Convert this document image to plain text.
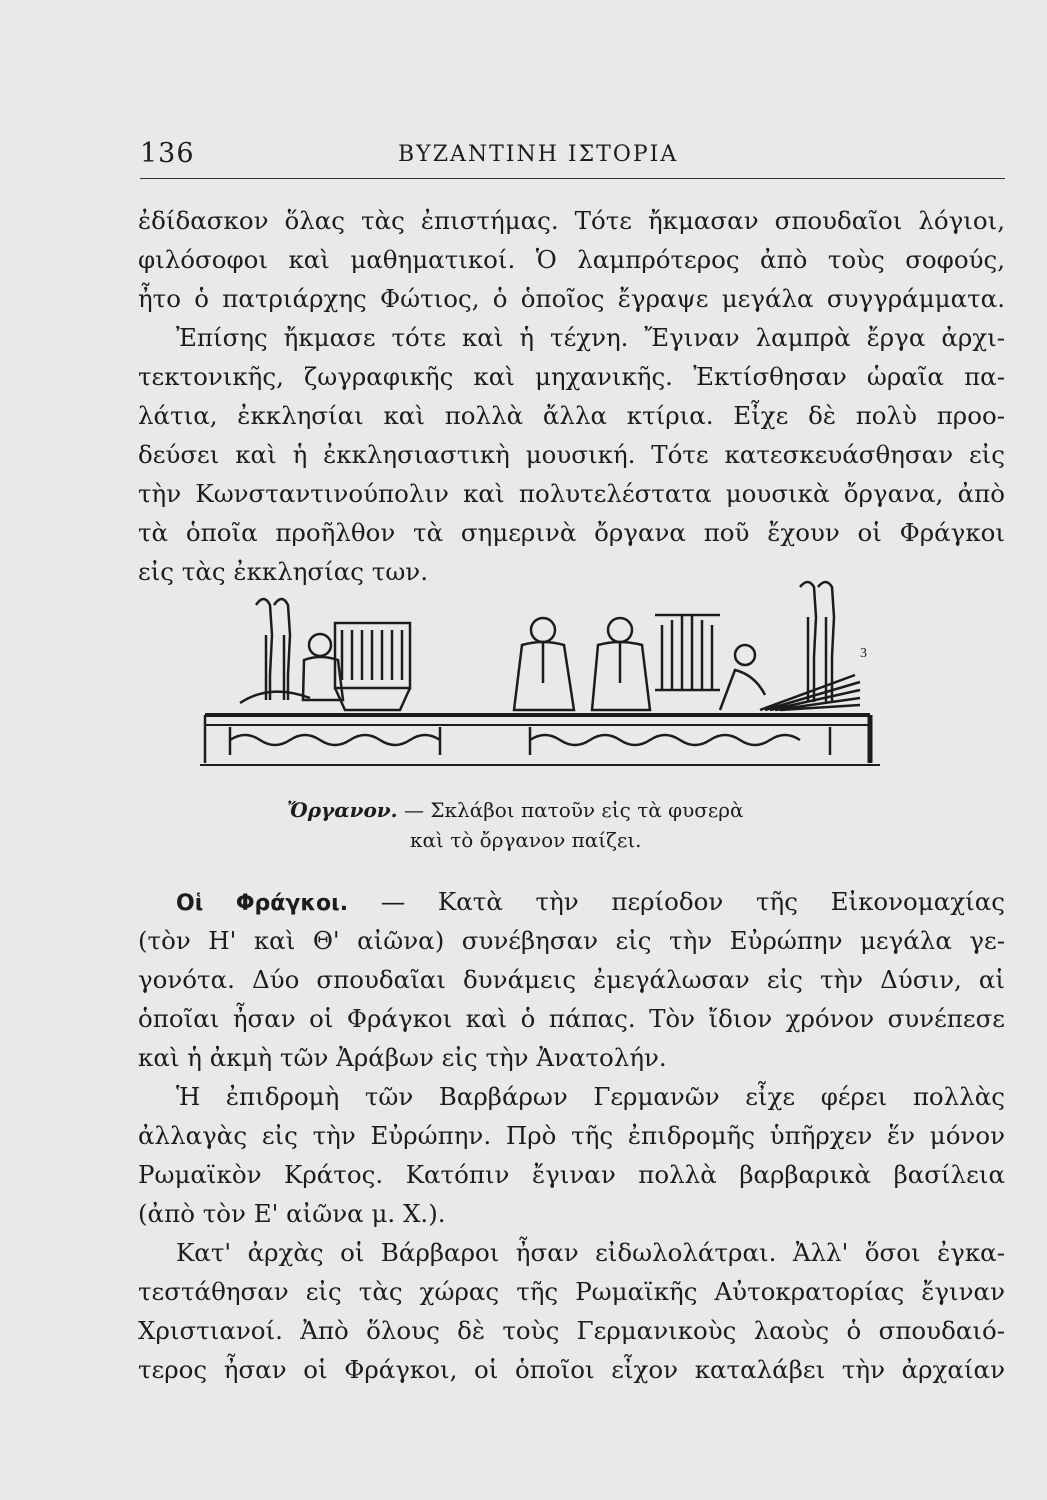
136	ΒΥΖΑΝΤΙΝΗ ΙΣΤΟΡΙΑ
ἐδίδασκον ὅλας τὰς ἐπιστήμας. Τότε ἤκμασαν σπουδαῖοι λόγιοι,
φιλόσοφοι καὶ μαθηματικοί. Ὁ λαμπρότερος ἀπὸ τοὺς σοφούς,
ἦτο ὁ πατριάρχης Φώτιος, ὁ ὁποῖος ἔγραψε μεγάλα συγγράμματα.
Ἐπίσης ἤκμασε τότε καὶ ἡ τέχνη. Ἔγιναν λαμπρὰ ἔργα ἀρχι-
τεκτονικῆς, ζωγραφικῆς καὶ μηχανικῆς. Ἐκτίσθησαν ὡραῖα πα-
λάτια, ἐκκλησίαι καὶ πολλὰ ἄλλα κτίρια. Εἶχε δὲ πολὺ προο-
δεύσει καὶ ἡ ἐκκλησιαστικὴ μουσική. Τότε κατεσκευάσθησαν εἰς
τὴν Κωνσταντινούπολιν καὶ πολυτελέστατα μουσικὰ ὄργανα, ἀπὸ
τὰ ὁποῖα προῆλθον τὰ σημερινὰ ὄργανα ποῦ ἔχουν οἱ Φράγκοι
εἰς τὰς ἐκκλησίας των.
3
Ὄργανον. — Σκλάβοι πατοῦν εἰς τὰ φυσερὰ
καὶ τὸ ὄργανον παίζει.
Οἱ Φράγκοι. — Κατὰ τὴν περίοδον τῆς Εἰκονομαχίας
(τὸν Η' καὶ Θ' αἰῶνα) συνέβησαν εἰς τὴν Εὐρώπην μεγάλα γε-
γονότα. Δύο σπουδαῖαι δυνάμεις ἐμεγάλωσαν εἰς τὴν Δύσιν, αἱ
ὁποῖαι ἦσαν οἱ Φράγκοι καὶ ὁ πάπας. Τὸν ἴδιον χρόνον συνέπεσε
καὶ ἡ ἀκμὴ τῶν Ἀράβων εἰς τὴν Ἀνατολήν.
Ἡ ἐπιδρομὴ τῶν Βαρβάρων Γερμανῶν εἶχε φέρει πολλὰς
ἀλλαγὰς εἰς τὴν Εὐρώπην. Πρὸ τῆς ἐπιδρομῆς ὑπῆρχεν ἕν μόνον
Ρωμαϊκὸν Κράτος. Κατόπιν ἔγιναν πολλὰ βαρβαρικὰ βασίλεια
(ἀπὸ τὸν Ε' αἰῶνα μ. Χ.).
Κατ' ἀρχὰς οἱ Βάρβαροι ἦσαν εἰδωλολάτραι. Ἀλλ' ὅσοι ἐγκα-
τεστάθησαν εἰς τὰς χώρας τῆς Ρωμαϊκῆς Αὐτοκρατορίας ἔγιναν
Χριστιανοί. Ἀπὸ ὅλους δὲ τοὺς Γερμανικοὺς λαοὺς ὁ σπουδαιό-
τερος ἦσαν οἱ Φράγκοι, οἱ ὁποῖοι εἶχον καταλάβει τὴν ἀρχαίαν
